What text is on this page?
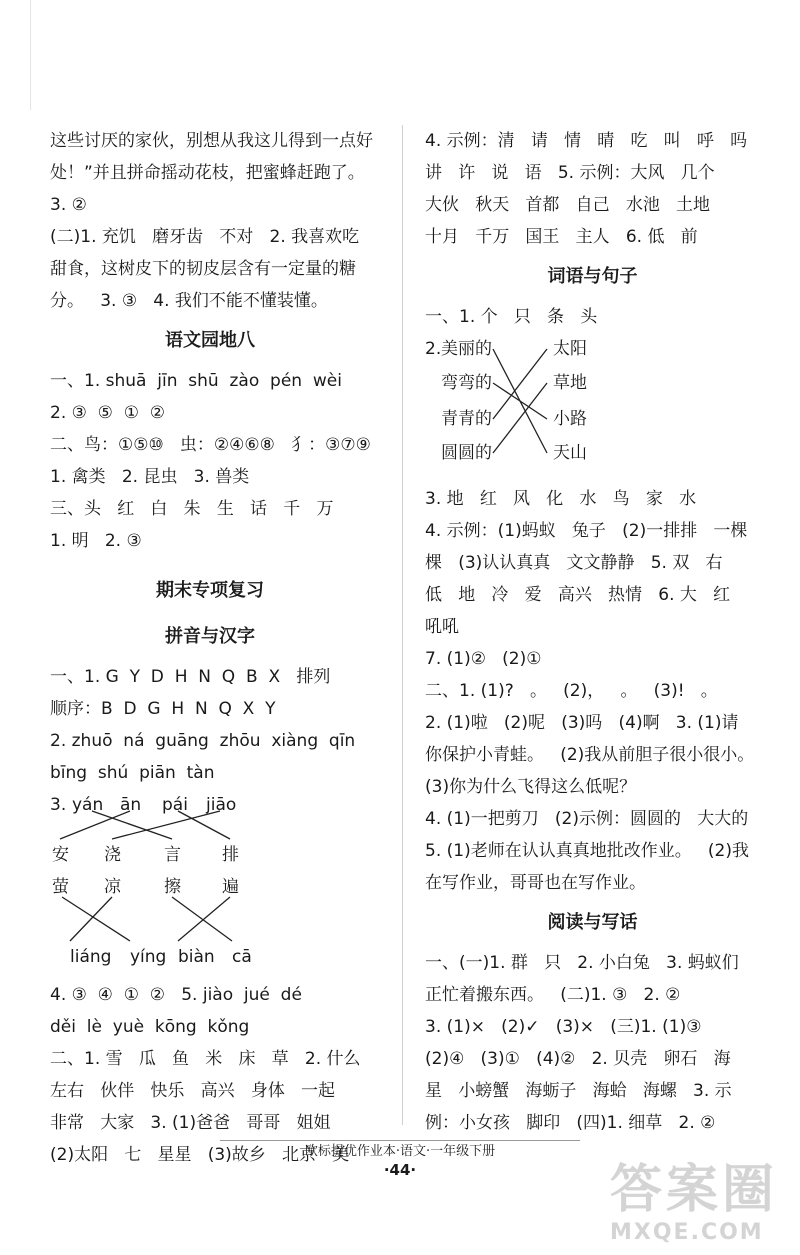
这些讨厌的家伙，别想从我这儿得到一点好
处！”并且拼命摇动花枝，把蜜蜂赶跑了。
3. ②
(二)1. 充饥   磨牙齿   不对   2. 我喜欢吃
甜食，这树皮下的韧皮层含有一定量的糖
分。   3. ③   4. 我们不能不懂装懂。
语文园地八
一、1. shuā  jīn  shū  zào  pén  wèi
2. ③  ⑤  ①  ②
二、鸟：①⑤⑩   虫：②④⑥⑧   犭：③⑦⑨
1. 禽类   2. 昆虫   3. 兽类
三、头   红   白   朱   生   话   千   万
1. 明   2. ③
期末专项复习
拼音与汉字
一、1. G  Y  D  H  N  Q  B  X   排列
顺序：B  D  G  H  N  Q  X  Y
2. zhuō  ná  guāng  zhōu  xiàng  qīn
bīng  shú  piān  tàn
3. yán ān pái jiāo
安 浇	言 排
萤 凉	擦 遍
liáng yíng biàn cā
4. ③  ④  ①  ②   5. jiào  jué  dé
děi  lè  yuè  kōng  kǒng
二、1. 雪   瓜   鱼   米   床   草   2. 什么
左右   伙伴   快乐   高兴   身体   一起
非常   大家   3. (1)爸爸   哥哥   姐姐
(2)太阳   七   星星   (3)故乡   北京   美
4. 示例：清   请   情   晴   吃   叫   呼   吗
讲   许   说   语   5. 示例：大风   几个
大伙   秋天   首都   自己   水池   土地
十月   千万   国王   主人   6. 低   前
词语与句子
一、1. 个   只   条   头
2. 美丽的
弯弯的
青青的
圆圆的
太阳
草地
小路
天山
3. 地   红   风   化   水   鸟   家   水
4. 示例：(1)蚂蚁   兔子   (2)一排排   一棵
棵   (3)认认真真   文文静静   5. 双   右
低   地   冷   爱   高兴   热情   6. 大   红
吼吼
7. (1)②   (2)①
二、1. (1)?   。   (2)，   。   (3)!   。
2. (1)啦   (2)呢   (3)吗   (4)啊   3. (1)请
你保护小青蛙。   (2)我从前胆子很小很小。
(3)你为什么飞得这么低呢？
4. (1)一把剪刀   (2)示例：圆圆的   大大的
5. (1)老师在认认真真地批改作业。   (2)我
在写作业，哥哥也在写作业。
阅读与写话
一、(一)1. 群   只   2. 小白兔   3. 蚂蚁们
正忙着搬东西。   (二)1. ③   2. ②
3. (1)×   (2)✓   (3)×   (三)1. (1)③
(2)④   (3)①   (4)②   2. 贝壳   卵石   海
星   小螃蟹   海蛎子   海蛤   海螺   3. 示
例：小女孩   脚印   (四)1. 细草   2. ②
欧标提优作业本·语文·一年级下册
·44·	答案圈
MXQE.COM
